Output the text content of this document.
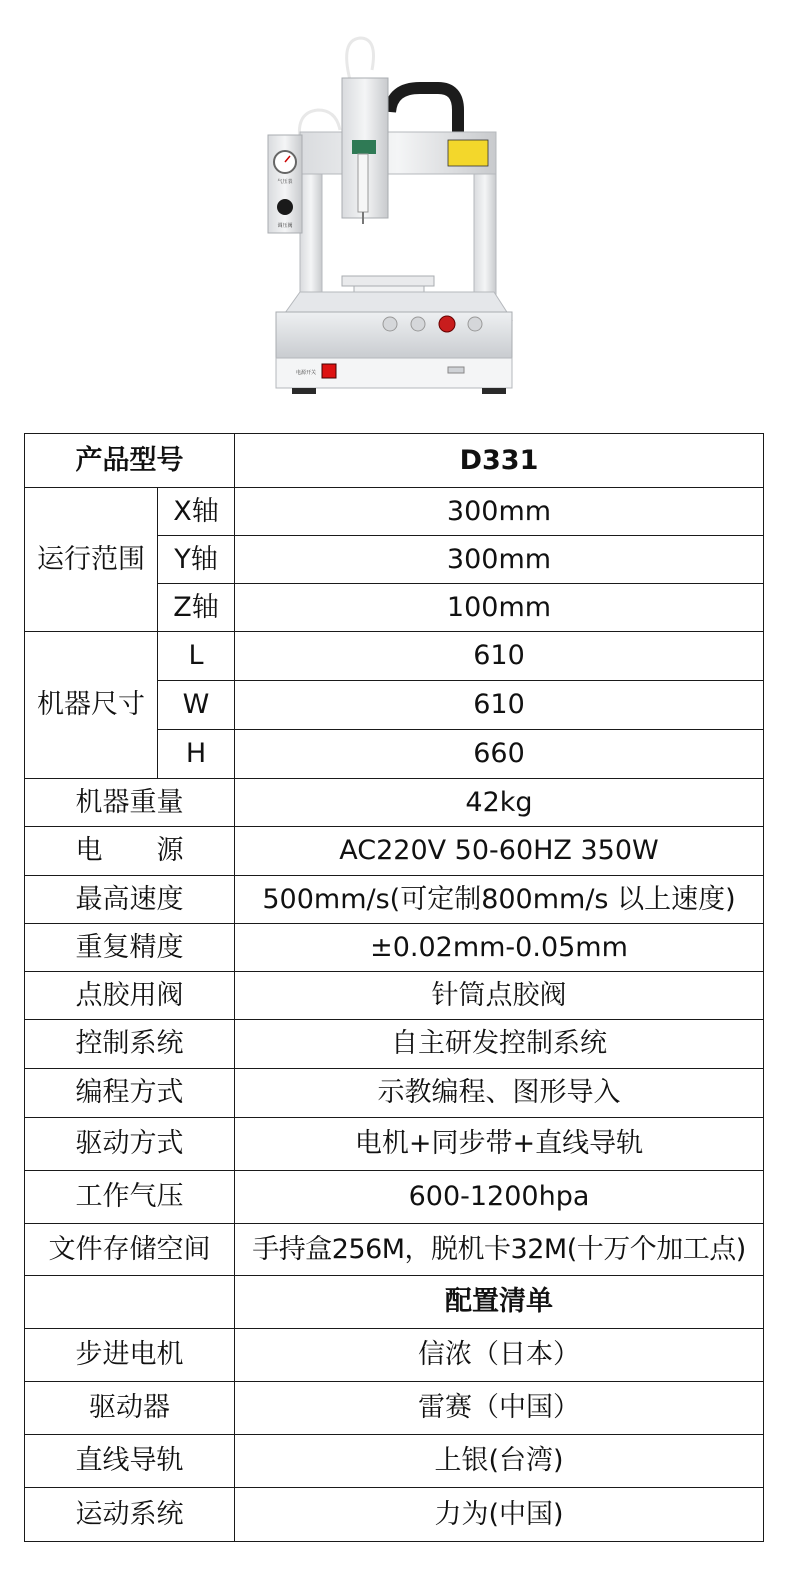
气压表
调压阀
电源开关
产品型号		D331
运行范围	X轴	300mm
	Y轴	300mm
	Z轴	100mm
机器尺寸	L	610
	W	610
	H	660
机器重量		42kg
电　　源		AC220V 50-60HZ 350W
最高速度		500mm/s(可定制800mm/s 以上速度)
重复精度		±0.02mm-0.05mm
点胶用阀		针筒点胶阀
控制系统		自主研发控制系统
编程方式		示教编程、图形导入
驱动方式		电机+同步带+直线导轨
工作气压		600-1200hpa
文件存储空间		手持盒256M，脱机卡32M(十万个加工点)
		配置清单
步进电机		信浓（日本）
驱动器		雷赛（中国）
直线导轨		上银(台湾)
运动系统		力为(中国)
